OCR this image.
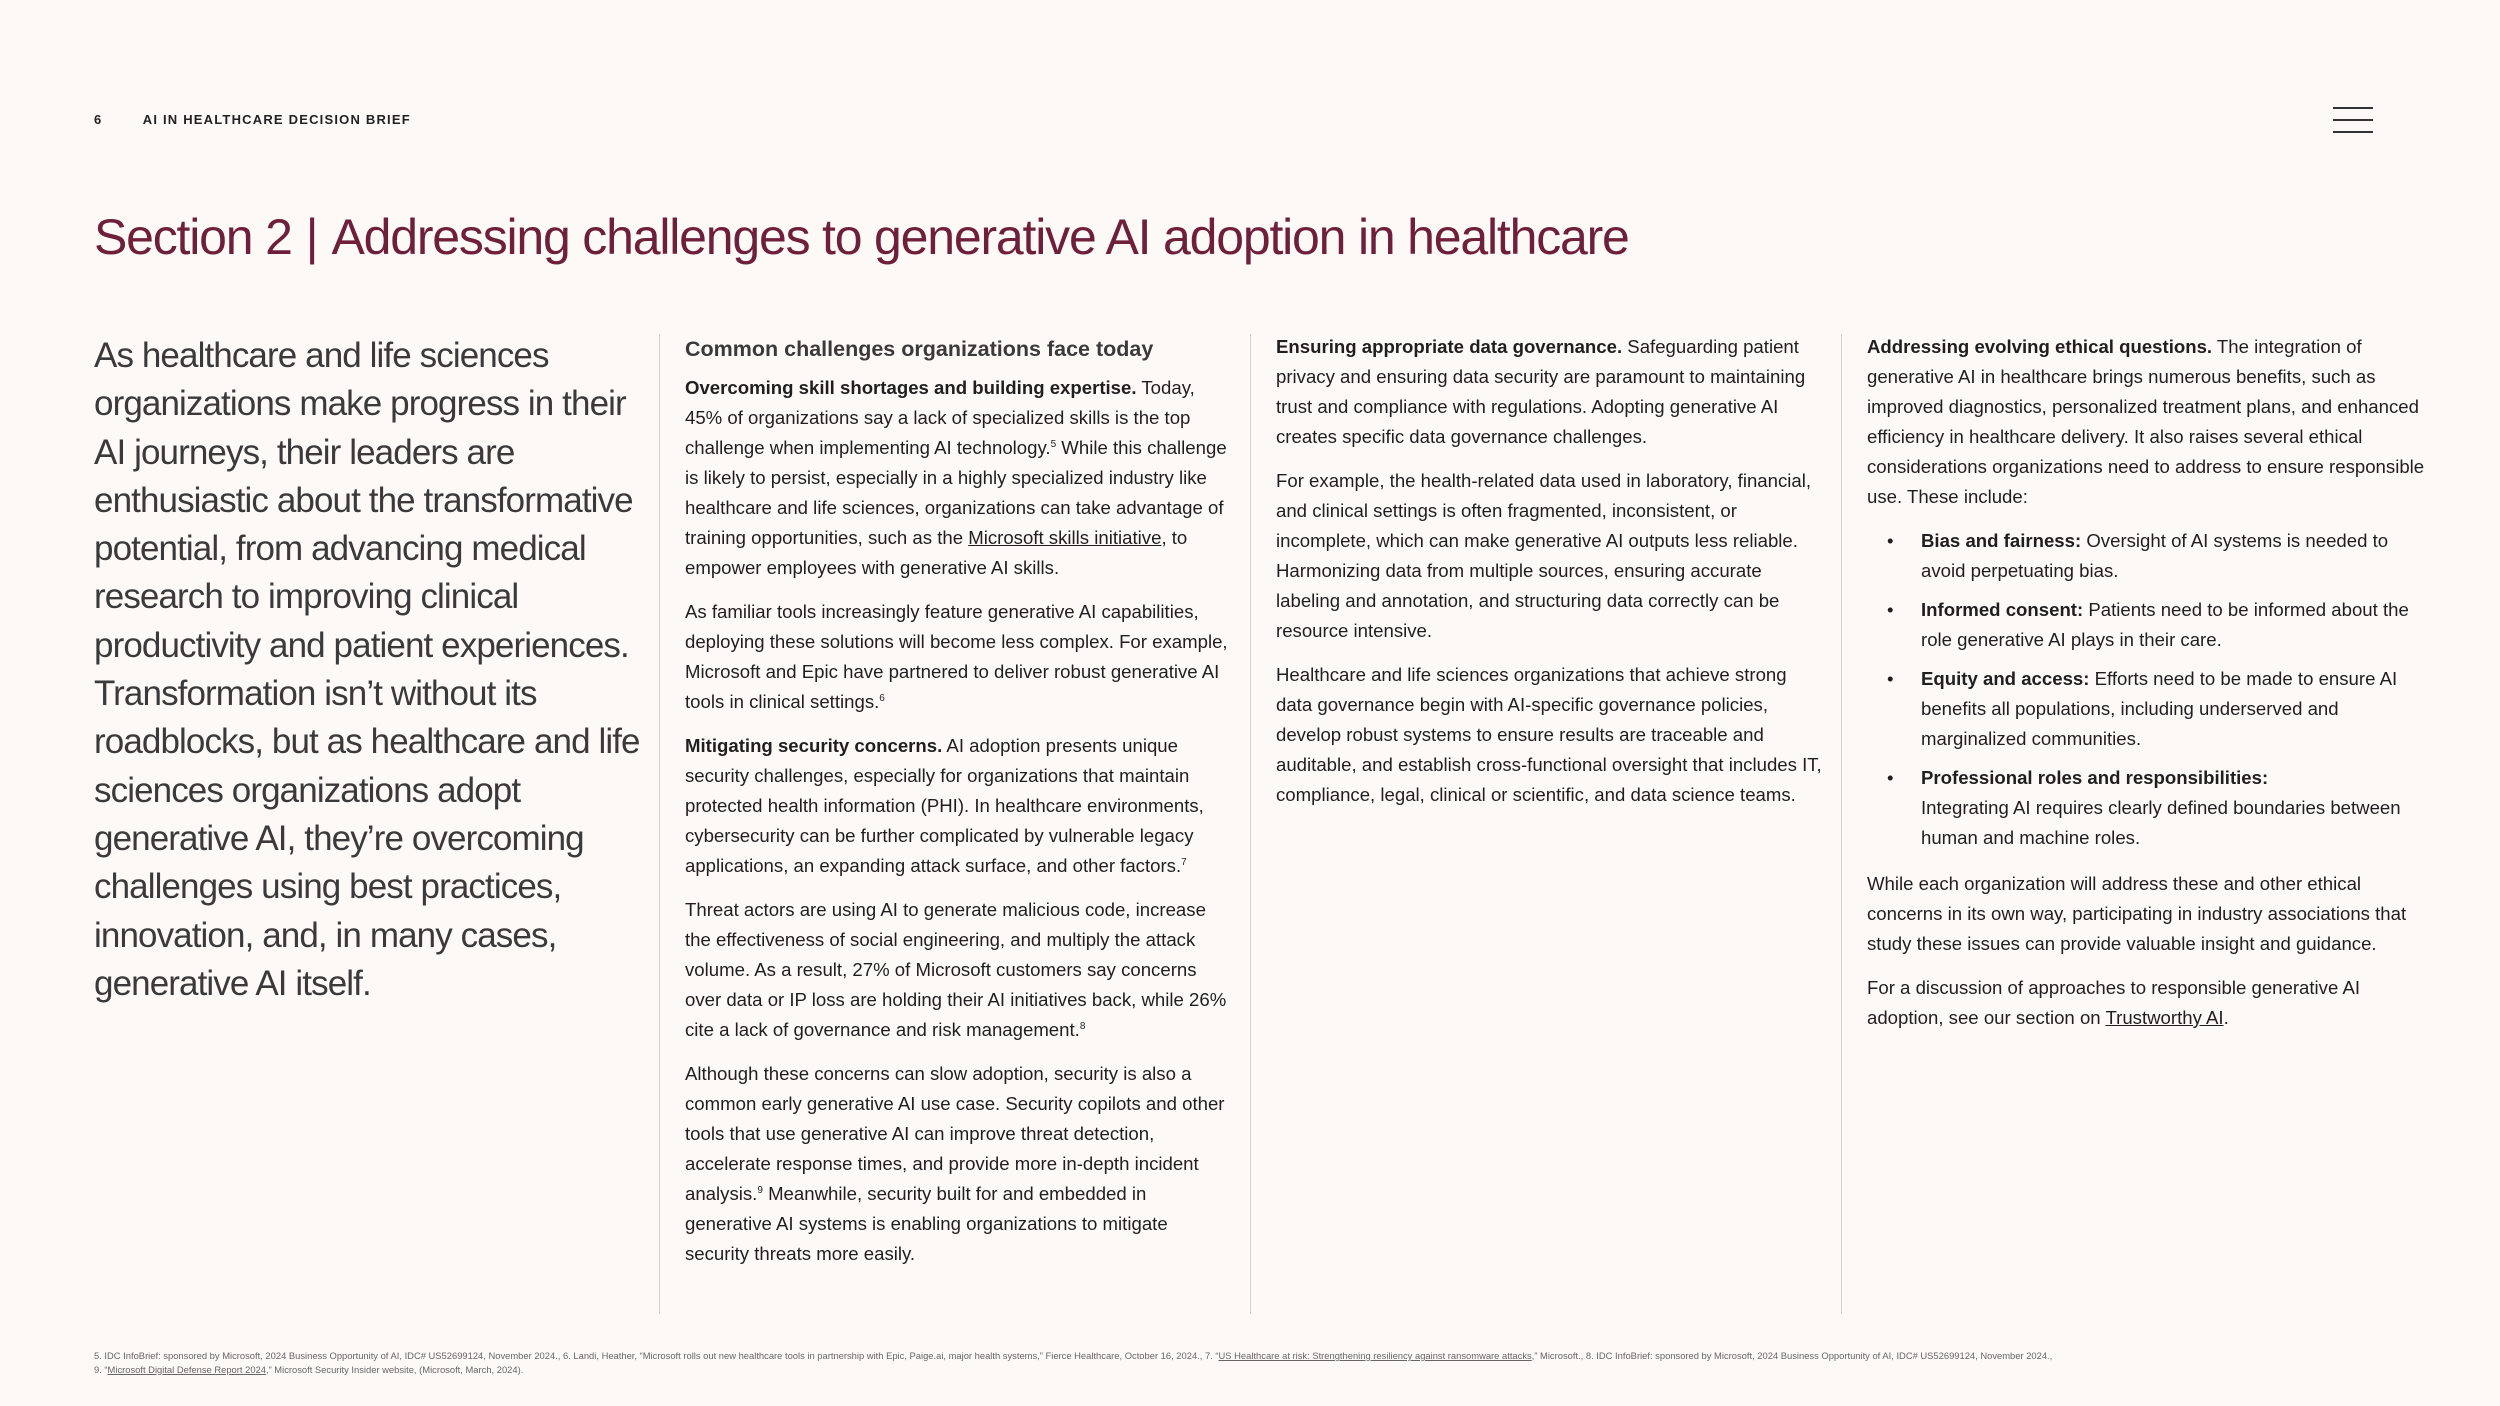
6	AI IN HEALTHCARE DECISION BRIEF
Section 2 | Addressing challenges to generative AI adoption in healthcare
As healthcare and life sciences organizations make progress in their AI journeys, their leaders are enthusiastic about the transformative potential, from advancing medical research to improving clinical productivity and patient experiences. Transformation isn’t without its roadblocks, but as healthcare and life sciences organizations adopt generative AI, they’re overcoming challenges using best practices, innovation, and, in many cases, generative AI itself.
Common challenges organizations face today

Overcoming skill shortages and building expertise. Today, 45% of organizations say a lack of specialized skills is the top challenge when implementing AI technology.$^5$ While this challenge is likely to persist, especially in a highly specialized industry like healthcare and life sciences, organizations can take advantage of training opportunities, such as the Microsoft skills initiative, to empower employees with generative AI skills.

As familiar tools increasingly feature generative AI capabilities, deploying these solutions will become less complex. For example, Microsoft and Epic have partnered to deliver robust generative AI tools in clinical settings.$^6$

Mitigating security concerns. AI adoption presents unique security challenges, especially for organizations that maintain protected health information (PHI). In healthcare environments, cybersecurity can be further complicated by vulnerable legacy applications, an expanding attack surface, and other factors.$^7$

Threat actors are using AI to generate malicious code, increase the effectiveness of social engineering, and multiply the attack volume. As a result, 27% of Microsoft customers say concerns over data or IP loss are holding their AI initiatives back, while 26% cite a lack of governance and risk management.$^8$

Although these concerns can slow adoption, security is also a common early generative AI use case. Security copilots and other tools that use generative AI can improve threat detection, accelerate response times, and provide more in-depth incident analysis.$^9$ Meanwhile, security built for and embedded in generative AI systems is enabling organizations to mitigate security threats more easily.

Ensuring appropriate data governance. Safeguarding patient privacy and ensuring data security are paramount to maintaining trust and compliance with regulations. Adopting generative AI creates specific data governance challenges.

For example, the health-related data used in laboratory, financial, and clinical settings is often fragmented, inconsistent, or incomplete, which can make generative AI outputs less reliable. Harmonizing data from multiple sources, ensuring accurate labeling and annotation, and structuring data correctly can be resource intensive.

Healthcare and life sciences organizations that achieve strong data governance begin with AI-specific governance policies, develop robust systems to ensure results are traceable and auditable, and establish cross-functional oversight that includes IT, compliance, legal, clinical or scientific, and data science teams.

Addressing evolving ethical questions. The integration of generative AI in healthcare brings numerous benefits, such as improved diagnostics, personalized treatment plans, and enhanced efficiency in healthcare delivery. It also raises several ethical considerations organizations need to address to ensure responsible use. These include:

• Bias and fairness: Oversight of AI systems is needed to avoid perpetuating bias.
• Informed consent: Patients need to be informed about the role generative AI plays in their care.
• Equity and access: Efforts need to be made to ensure AI benefits all populations, including underserved and marginalized communities.
• Professional roles and responsibilities:
Integrating AI requires clearly defined boundaries between human and machine roles.

While each organization will address these and other ethical concerns in its own way, participating in industry associations that study these issues can provide valuable insight and guidance.

For a discussion of approaches to responsible generative AI adoption, see our section on Trustworthy AI.

5. IDC InfoBrief: sponsored by Microsoft, 2024 Business Opportunity of AI, IDC# US52699124, November 2024., 6. Landi, Heather, “Microsoft rolls out new healthcare tools in partnership with Epic, Paige.ai, major health systems,” Fierce Healthcare, October 16, 2024., 7. “US Healthcare at risk: Strengthening resiliency against ransomware attacks,” Microsoft., 8. IDC InfoBrief: sponsored by Microsoft, 2024 Business Opportunity of AI, IDC# US52699124, November 2024.,
9. “Microsoft Digital Defense Report 2024,” Microsoft Security Insider website, (Microsoft, March, 2024).
